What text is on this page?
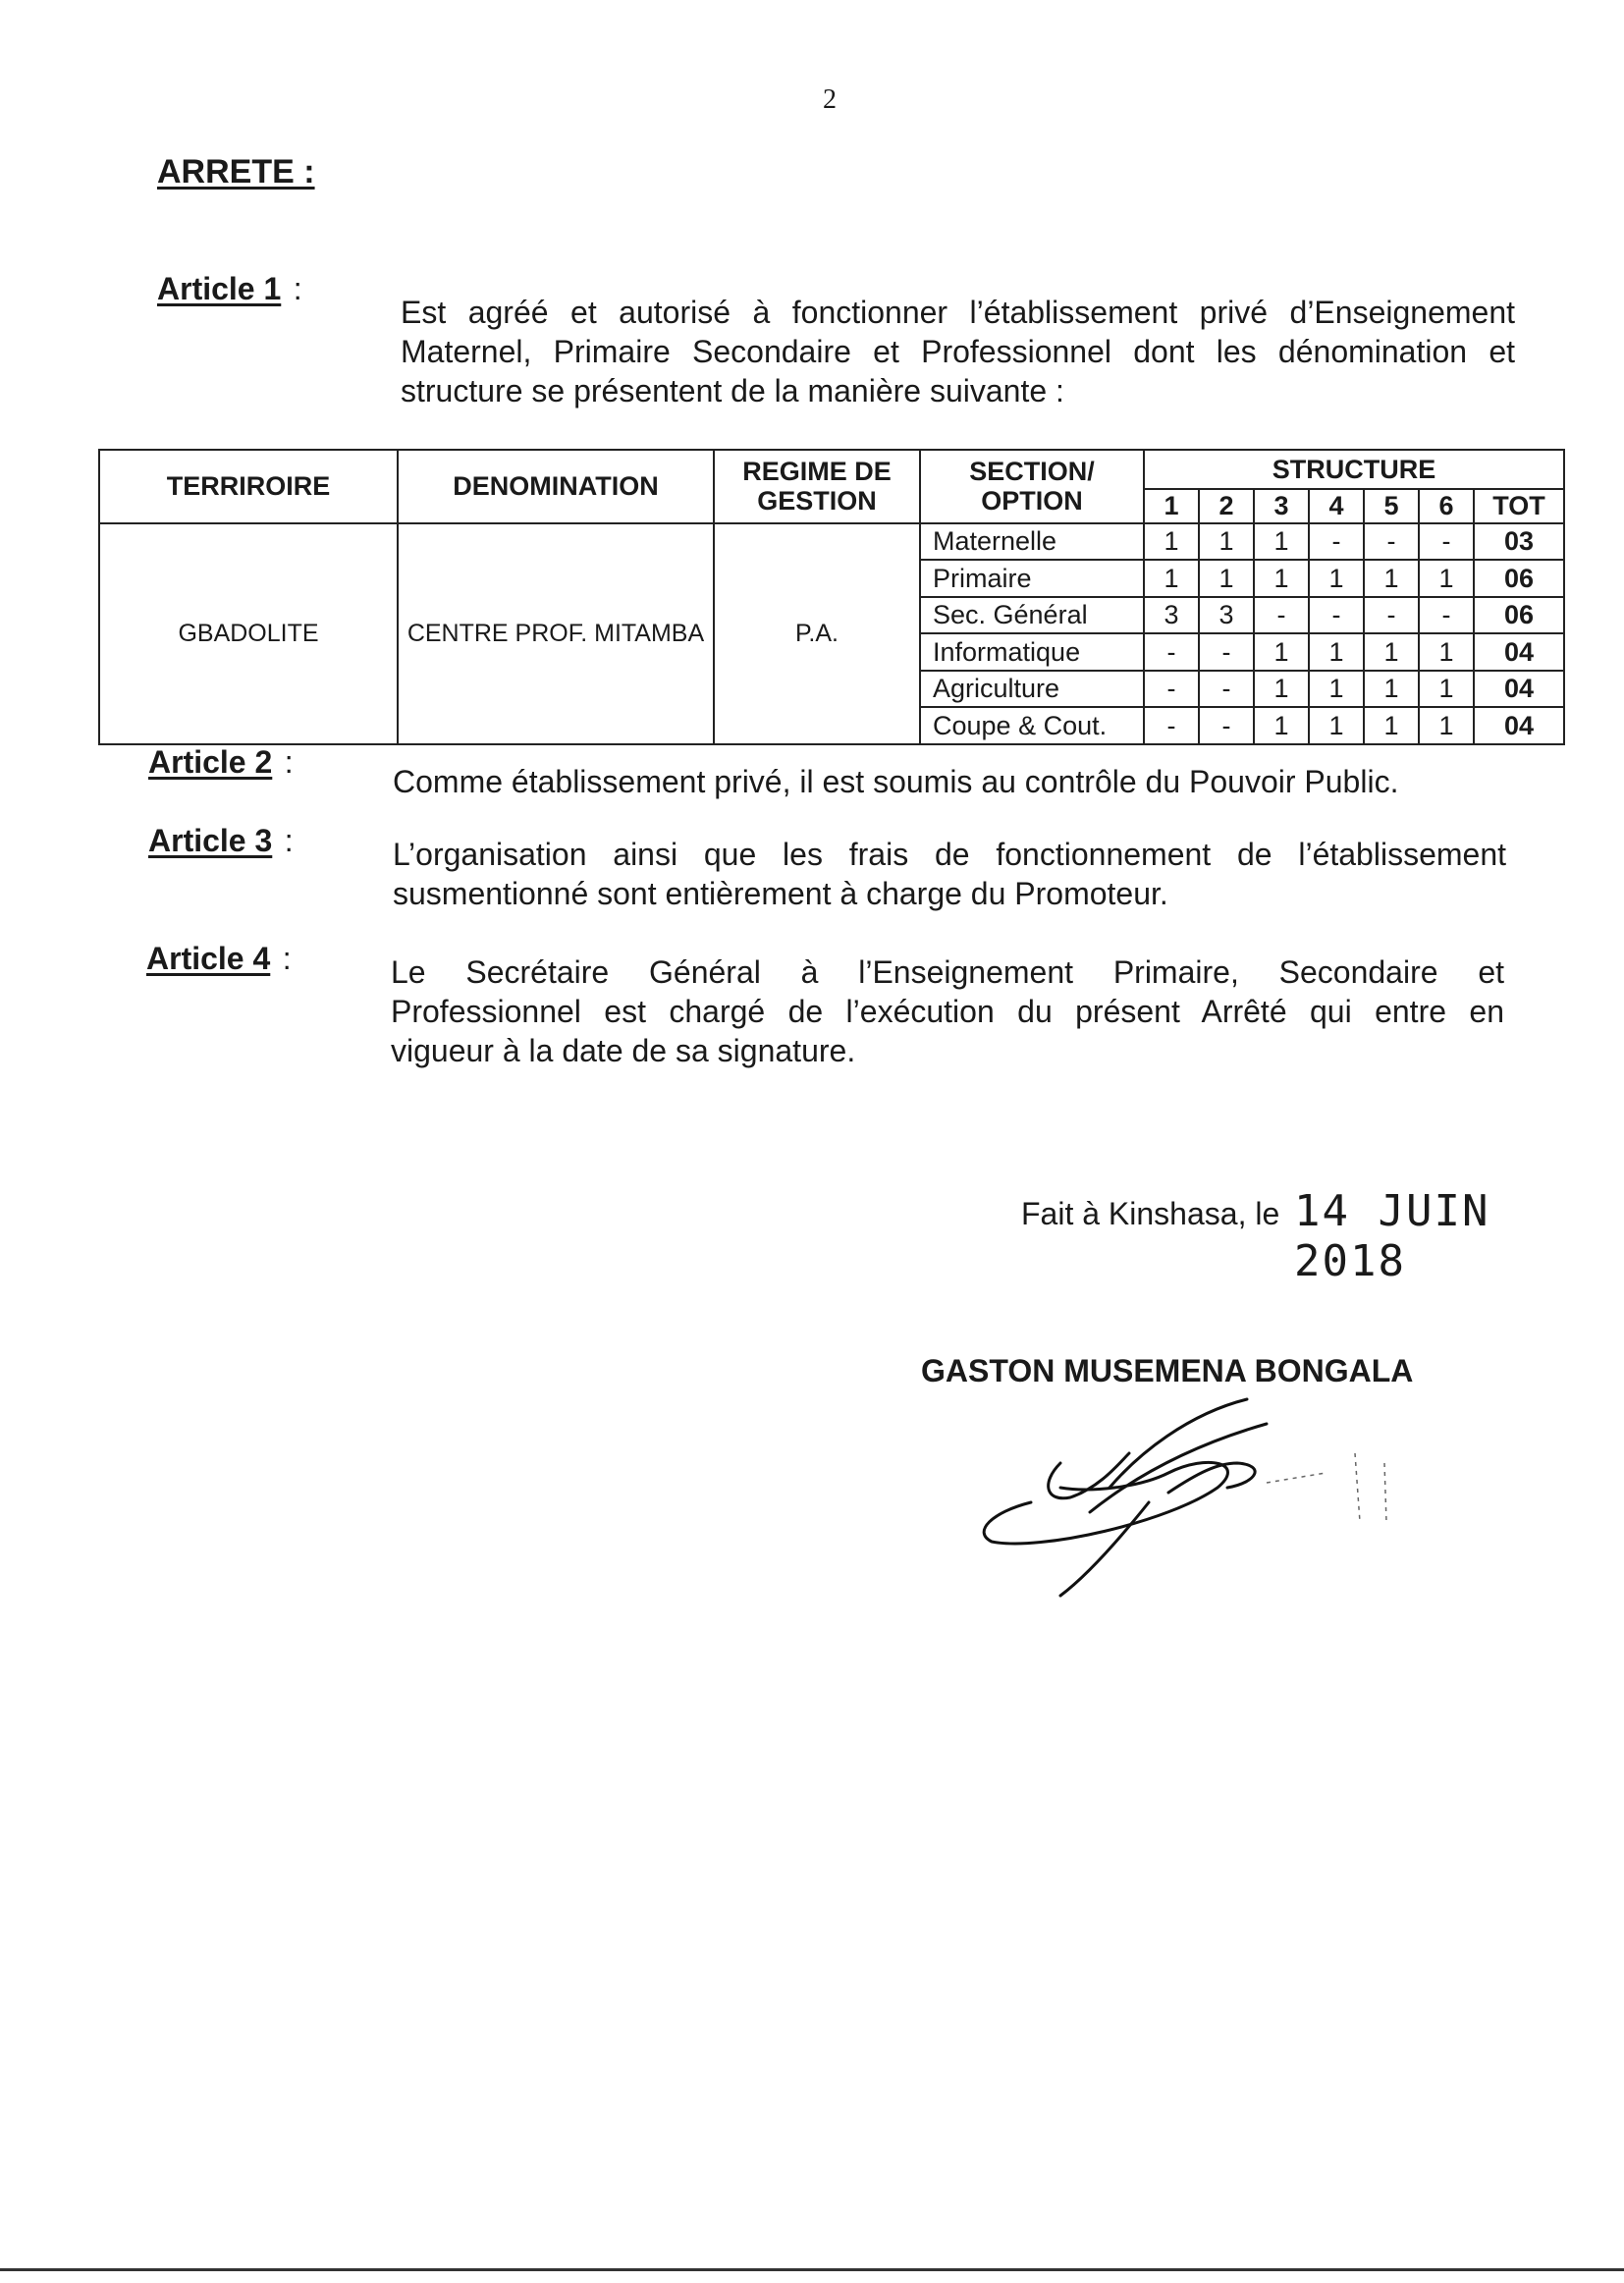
2
ARRETE :
Article 1 :
Est agréé et autorisé à fonctionner l’établissement privé d’Enseignement
Maternel, Primaire Secondaire et Professionnel dont les dénomination et
structure se présentent de la manière suivante :
TERRIROIRE	DENOMINATION	REGIME DE GESTION	SECTION/ OPTION	STRUCTURE						
				1	2	3	4	5	6	TOT
GBADOLITE	CENTRE PROF. MITAMBA	P.A.	Maternelle	1	1	1	-	-	-	03
			Primaire	1	1	1	1	1	1	06
			Sec. Général	3	3	-	-	-	-	06
			Informatique	-	-	1	1	1	1	04
			Agriculture	-	-	1	1	1	1	04
			Coupe & Cout.	-	-	1	1	1	1	04
Article 2 :
Comme établissement privé, il est soumis au contrôle du Pouvoir Public.
Article 3 :	L’organisation ainsi que les frais de fonctionnement de l’établissement
susmentionné sont entièrement à charge du Promoteur.
Article 4 :	Le Secrétaire Général à l’Enseignement Primaire, Secondaire et
Professionnel est chargé de l’exécution du présent Arrêté qui entre en
vigueur à la date de sa signature.
Fait à Kinshasa, le 14 JUIN 2018
GASTON MUSEMENA BONGALA
